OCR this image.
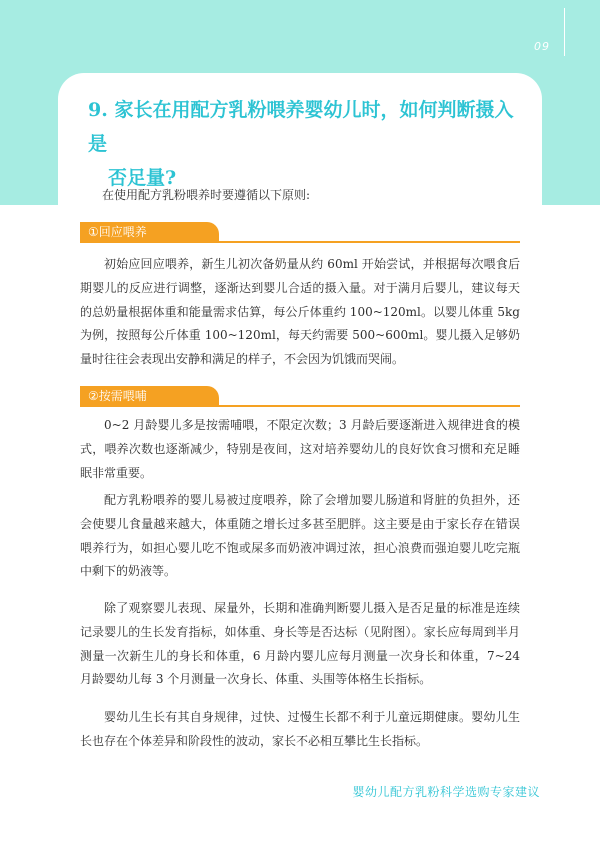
09
9. 家长在用配方乳粉喂养婴幼儿时，如何判断摄入是
否足量?

在使用配方乳粉喂养时要遵循以下原则:

①回应喂养

初始应回应喂养，新生儿初次备奶量从约 60ml 开始尝试，并根据每次喂食后期婴儿的反应进行调整，逐渐达到婴儿合适的摄入量。对于满月后婴儿，建议每天的总奶量根据体重和能量需求估算，每公斤体重约 100~120ml。以婴儿体重 5kg 为例，按照每公斤体重 100~120ml，每天约需要 500~600ml。婴儿摄入足够奶量时往往会表现出安静和满足的样子，不会因为饥饿而哭闹。

②按需喂哺

0~2 月龄婴儿多是按需哺喂，不限定次数；3 月龄后要逐渐进入规律进食的模式，喂养次数也逐渐减少，特别是夜间，这对培养婴幼儿的良好饮食习惯和充足睡眠非常重要。

配方乳粉喂养的婴儿易被过度喂养，除了会增加婴儿肠道和肾脏的负担外，还会使婴儿食量越来越大，体重随之增长过多甚至肥胖。这主要是由于家长存在错误喂养行为，如担心婴儿吃不饱或屎多而奶液冲调过浓，担心浪费而强迫婴儿吃完瓶中剩下的奶液等。

除了观察婴儿表现、屎量外，长期和准确判断婴儿摄入是否足量的标准是连续记录婴儿的生长发育指标，如体重、身长等是否达标（见附图）。家长应每周到半月测量一次新生儿的身长和体重，6 月龄内婴儿应每月测量一次身长和体重，7~24 月龄婴幼儿每 3 个月测量一次身长、体重、头围等体格生长指标。

婴幼儿生长有其自身规律，过快、过慢生长都不利于儿童远期健康。婴幼儿生长也存在个体差异和阶段性的波动，家长不必相互攀比生长指标。

婴幼儿配方乳粉科学选购专家建议
